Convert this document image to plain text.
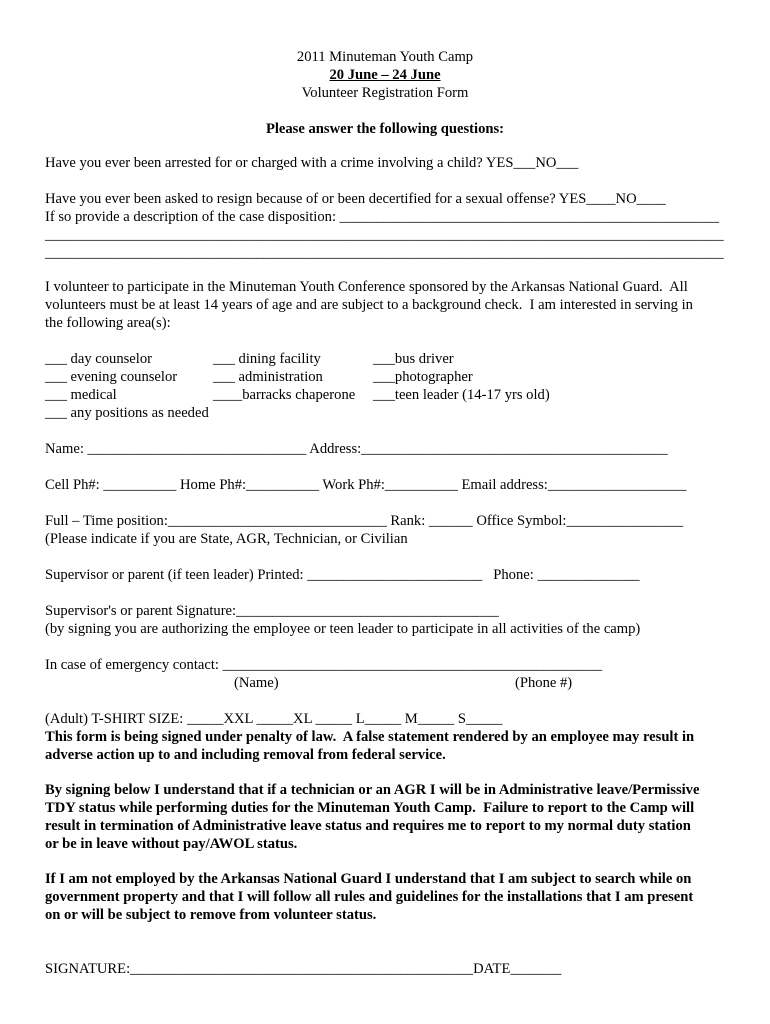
2011 Minuteman Youth Camp
20 June – 24 June
Volunteer Registration Form
Please answer the following questions:
Have you ever been arrested for or charged with a crime involving a child? YES___NO___
Have you ever been asked to resign because of or been decertified for a sexual offense? YES____NO____
If so provide a description of the case disposition: ____________________________________________________
_____________________________________________________________________________________________
_____________________________________________________________________________________________
I volunteer to participate in the Minuteman Youth Conference sponsored by the Arkansas National Guard.  All
volunteers must be at least 14 years of age and are subject to a background check.  I am interested in serving in
the following area(s):
___ day counselor
___ evening counselor
___ medical
___ any positions as needed
___ dining facility
___ administration
____barracks chaperone
___bus driver
___photographer
___teen leader (14-17 yrs old)
Name: ______________________________ Address:__________________________________________
Cell Ph#: __________ Home Ph#:__________ Work Ph#:__________ Email address:___________________
Full – Time position:______________________________ Rank: ______ Office Symbol:________________
(Please indicate if you are State, AGR, Technician, or Civilian
Supervisor or parent (if teen leader) Printed: ________________________   Phone: ______________
Supervisor's or parent Signature:____________________________________
(by signing you are authorizing the employee or teen leader to participate in all activities of the camp)
In case of emergency contact: ____________________________________________________
(Name)	(Phone #)
(Adult) T-SHIRT SIZE: _____XXL _____XL _____ L_____ M_____ S_____
This form is being signed under penalty of law.  A false statement rendered by an employee may result in
adverse action up to and including removal from federal service.
By signing below I understand that if a technician or an AGR I will be in Administrative leave/Permissive
TDY status while performing duties for the Minuteman Youth Camp.  Failure to report to the Camp will
result in termination of Administrative leave status and requires me to report to my normal duty station
or be in leave without pay/AWOL status.
If I am not employed by the Arkansas National Guard I understand that I am subject to search while on
government property and that I will follow all rules and guidelines for the installations that I am present
on or will be subject to remove from volunteer status.
SIGNATURE:_______________________________________________DATE_______
